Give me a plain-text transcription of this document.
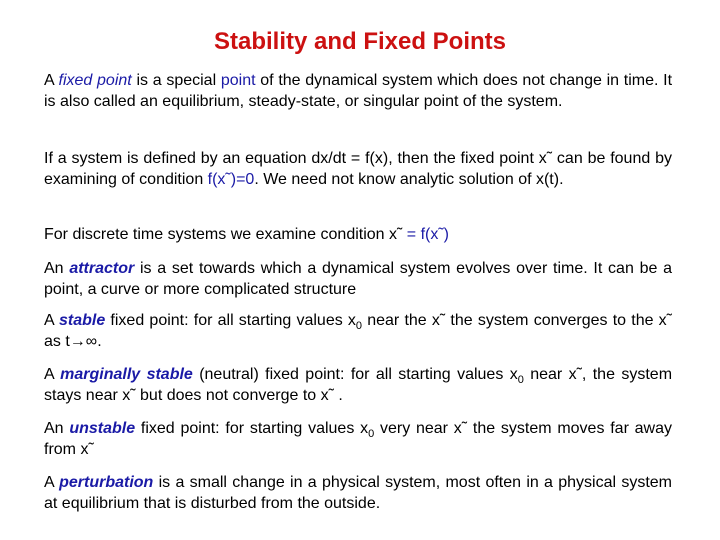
Stability and Fixed Points

A fixed point is a special point of the dynamical system which does not change in time. It is also called an equilibrium, steady-state, or singular point of the system.

If a system is defined by an equation dx/dt = f(x), then the fixed point x˜ can be found by examining of condition f(x˜)=0. We need not know analytic solution of x(t).

For discrete time systems we examine condition x˜ = f(x˜)

An attractor is a set towards which a dynamical system evolves over time. It can be a point, a curve or more complicated structure

A stable fixed point: for all starting values $x_0$ near the x˜ the system converges to the x˜ as t→∞.

A marginally stable (neutral) fixed point: for all starting values $x_0$ near x˜, the system stays near x˜ but does not converge to x˜ .

An unstable fixed point: for starting values $x_0$ very near x˜ the system moves far away from x˜

A perturbation is a small change in a physical system, most often in a physical system at equilibrium that is disturbed from the outside.
